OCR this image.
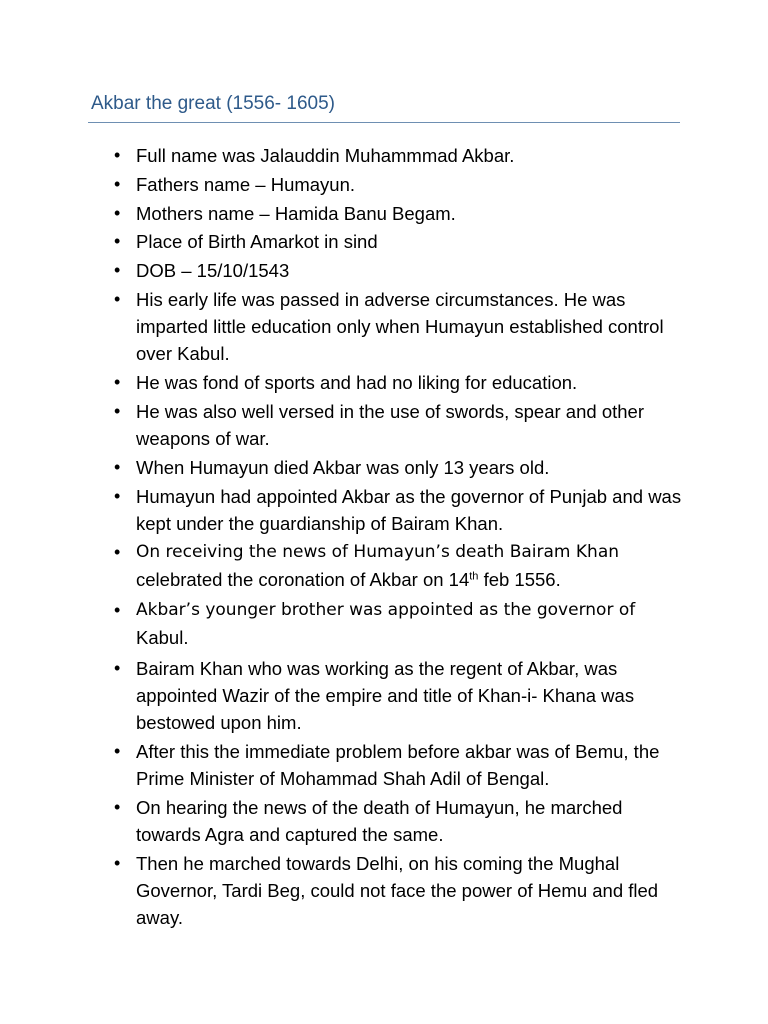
Akbar the great (1556- 1605)
• Full name was Jalauddin Muhammmad Akbar.
• Fathers name – Humayun.
• Mothers name – Hamida Banu Begam.
• Place of Birth Amarkot in sind
• DOB – 15/10/1543
• His early life was passed in adverse circumstances. He was imparted little education only when Humayun established control over Kabul.
• He was fond of sports and had no liking for education.
• He was also well versed in the use of swords, spear and other weapons of war.
• When Humayun died Akbar was only 13 years old.
• Humayun had appointed Akbar as the governor of Punjab and was kept under the guardianship of Bairam Khan.
• On receiving the news of Humayun’s death Bairam Khan
celebrated the coronation of Akbar on 14th feb 1556.
• Akbar’s younger brother was appointed as the governor of
Kabul.
• Bairam Khan who was working as the regent of Akbar, was appointed Wazir of the empire and title of Khan-i- Khana was bestowed upon him.
• After this the immediate problem before akbar was of Bemu, the Prime Minister of Mohammad Shah Adil of Bengal.
• On hearing the news of the death of Humayun, he marched towards Agra and captured the same.
• Then he marched towards Delhi, on his coming the Mughal Governor, Tardi Beg, could not face the power of Hemu and fled away.
